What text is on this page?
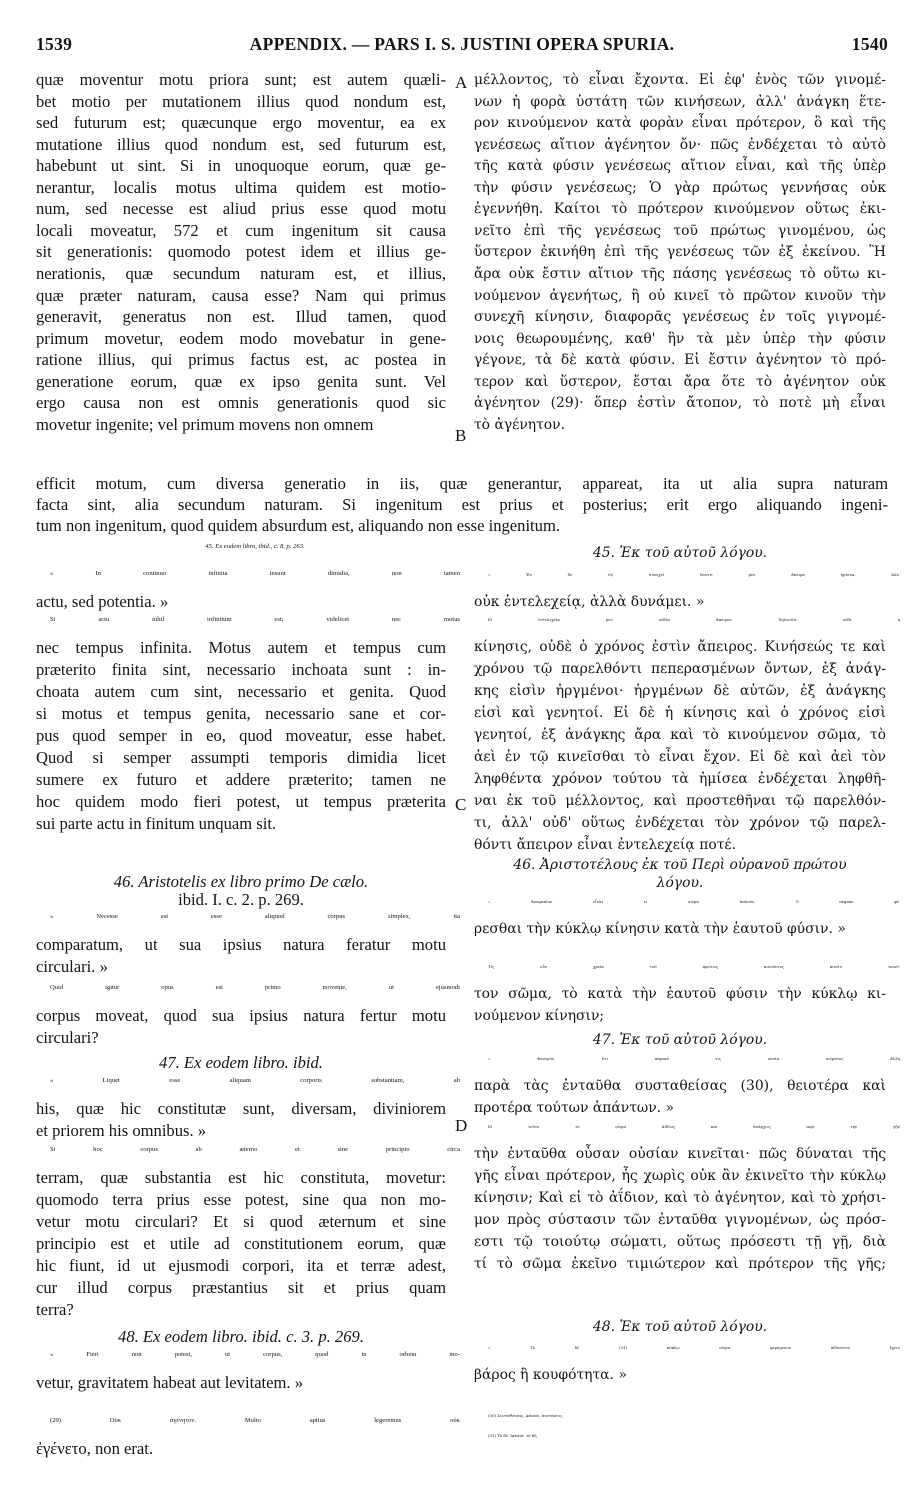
1539	APPENDIX. — PARS I. S. JUSTINI OPERA SPURIA.	1540
quæ moventur motu priora sunt; est autem quæli-
bet motio per mutationem illius quod nondum est,
sed futurum est; quæcunque ergo moventur, ea ex
mutatione illius quod nondum est, sed futurum est,
habebunt ut sint. Si in unoquoque eorum, quæ ge-
nerantur, localis motus ultima quidem est motio-
num, sed necesse est aliud prius esse quod motu
locali moveatur, 572 et cum ingenitum sit causa
sit generationis: quomodo potest idem et illius ge-
nerationis, quæ secundum naturam est, et illius,
quæ præter naturam, causa esse? Nam qui primus
generavit, generatus non est. Illud tamen, quod
primum movetur, eodem modo movebatur in gene-
ratione illius, qui primus factus est, ac postea in
generatione eorum, quæ ex ipso genita sunt. Vel
ergo causa non est omnis generationis quod sic
movetur ingenite; vel primum movens non omnem
μέλλοντος, τὸ εἶναι ἔχοντα. Εἰ ἐφ' ἑνὸς τῶν γινομέ-
νων ἡ φορὰ ὑστάτη τῶν κινήσεων, ἀλλ' ἀνάγκη ἕτε-
ρον κινούμενον κατὰ φορὰν εἶναι πρότερον, ὃ καὶ τῆς
γενέσεως αἴτιον ἀγένητον ὄν· πῶς ἐνδέχεται τὸ αὐτὸ
τῆς κατὰ φύσιν γενέσεως αἴτιον εἶναι, καὶ τῆς ὑπὲρ
τὴν φύσιν γενέσεως; Ὁ γὰρ πρώτως γεννήσας οὐκ
ἐγεννήθη. Καίτοι τὸ πρότερον κινούμενον οὕτως ἐκι-
νεῖτο ἐπὶ τῆς γενέσεως τοῦ πρώτως γινομένου, ὡς
ὕστερον ἐκινήθη ἐπὶ τῆς γενέσεως τῶν ἐξ ἐκείνου. Ἢ
ἄρα οὐκ ἔστιν αἴτιον τῆς πάσης γενέσεως τὸ οὕτω κι-
νούμενον ἀγενήτως, ἢ οὐ κινεῖ τὸ πρῶτον κινοῦν τὴν
συνεχῆ κίνησιν, διαφορᾶς γενέσεως ἐν τοῖς γιγνομέ-
νοις θεωρουμένης, καθ' ἣν τὰ μὲν ὑπὲρ τὴν φύσιν
γέγονε, τὰ δὲ κατὰ φύσιν. Εἰ ἔστιν ἀγένητον τὸ πρό-
τερον καὶ ὕστερον, ἔσται ἄρα ὅτε τὸ ἀγένητον οὐκ
ἀγένητον (29)· ὅπερ ἐστὶν ἄτοπον, τὸ ποτὲ μὴ εἶναι
τὸ ἀγένητον.
efficit motum, cum diversa generatio in iis, quæ generantur, appareat, ita ut alia supra naturam
facta sint, alia secundum naturam. Si ingenitum est prius et posterius; erit ergo aliquando ingeni-
tum non ingenitum, quod quidem absurdum est, aliquando non esse ingenitum.
45. Ex eodem libro, ibid., c. 8, p. 263.
« In continuo infinita insunt dimidia, non tamen
actu, sed potentia. »
Si actu nihil infinitum est; videlicet nec motus
nec tempus infinita. Motus autem et tempus cum
præterito finita sint, necessario inchoata sunt : in-
choata autem cum sint, necessario et genita. Quod
si motus et tempus genita, necessario sane et cor-
pus quod semper in eo, quod moveatur, esse habet.
Quod si semper assumpti temporis dimidia licet
sumere ex futuro et addere præterito; tamen ne
hoc quidem modo fieri potest, ut tempus præterita
sui parte actu in finitum unquam sit.
46. Aristotelis ex libro primo De cælo.
ibid. I. c. 2. p. 269.
« Necesse est esse aliquod corpus simplex, ita
comparatum, ut sua ipsius natura feratur motu
circulari. »
Quid igitur opus est primo movente, ut ejusmodi
corpus moveat, quod sua ipsius natura fertur motu
circulari?
47. Ex eodem libro. ibid.
« Liquet esse aliquam corporis substantiam, ab
his, quæ hic constitutæ sunt, diversam, diviniorem
et priorem his omnibus. »
Si hoc corpus ab æterno et sine principio circa
terram, quæ substantia est hic constituta, movetur:
quomodo terra prius esse potest, sine qua non mo-
vetur motu circulari? Et si quod æternum et sine
principio est et utile ad constitutionem eorum, quæ
hic fiunt, id ut ejusmodi corpori, ita et terræ adest,
cur illud corpus præstantius sit et prius quam
terra?
48. Ex eodem libro. ibid. c. 3. p. 269.
« Fieri non potest, ut corpus, quod in orbem mo-
vetur, gravitatem habeat aut levitatem. »
(29) Οὐκ ἀγένητον. Multo aptius legeremus οὐκ
ἐγένετο, non erat.
45. Ἐκ τοῦ αὐτοῦ λόγου.
« Ἐν δὲ τῷ συνεχεῖ ἔνεστι μὲν ἄπειρα ἡμίσεα, ἀλλ'
οὐκ ἐντελεχείᾳ, ἀλλὰ δυνάμει. »
Εἰ ἐντελεχείᾳ μὲν οὐδὲν ἄπειρον, δηλονότι οὐδὲ ἡ
κίνησις, οὐδὲ ὁ χρόνος ἐστὶν ἄπειρος. Κινήσεώς τε καὶ
χρόνου τῷ παρελθόντι πεπερασμένων ὄντων, ἐξ ἀνάγ-
κης εἰσὶν ἠργμένοι· ἠργμένων δὲ αὐτῶν, ἐξ ἀνάγκης
εἰσὶ καὶ γενητοί. Εἰ δὲ ἡ κίνησις καὶ ὁ χρόνος εἰσὶ
γενητοί, ἐξ ἀνάγκης ἄρα καὶ τὸ κινούμενον σῶμα, τὸ
ἀεὶ ἐν τῷ κινεῖσθαι τὸ εἶναι ἔχον. Εἰ δὲ καὶ ἀεὶ τὸν
ληφθέντα χρόνον τούτου τὰ ἡμίσεα ἐνδέχεται ληφθῆ-
ναι ἐκ τοῦ μέλλοντος, καὶ προστεθῆναι τῷ παρελθόν-
τι, ἀλλ' οὐδ' οὕτως ἐνδέχεται τὸν χρόνον τῷ παρελ-
θόντι ἄπειρον εἶναι ἐντελεχείᾳ ποτέ.
46. Ἀριστοτέλους ἐκ τοῦ Περὶ οὐρανοῦ πρώτου
λόγου.
« Ἀναγκαῖον εἶναί τι σῶμα ἁπλοῦν, ὃ πέφυκε φέ-
ρεσθαι τὴν κύκλῳ κίνησιν κατὰ τὴν ἑαυτοῦ φύσιν. »
Τίς οὖν χρεία τοῦ πρώτως κινοῦντος κινεῖν τοιοῦ-
τον σῶμα, τὸ κατὰ τὴν ἑαυτοῦ φύσιν τὴν κύκλῳ κι-
νούμενον κίνησιν;
47. Ἐκ τοῦ αὐτοῦ λόγου.
« Φανερὸν, ὅτι πέφυκέ τις οὐσία σώματος ἄλλη
παρὰ τὰς ἐνταῦθα συσταθείσας (30), θειοτέρα καὶ
προτέρα τούτων ἁπάντων. »
Εἰ τοῦτο τὸ σῶμα ἀϊδίως καὶ ἀνάρχως περὶ τὴν γῆν
τὴν ἐνταῦθα οὖσαν οὐσίαν κινεῖται· πῶς δύναται τῆς
γῆς εἶναι πρότερον, ἧς χωρὶς οὐκ ἂν ἐκινεῖτο τὴν κύκλῳ
κίνησιν; Καὶ εἰ τὸ ἀΐδιον, καὶ τὸ ἀγένητον, καὶ τὸ χρήσι-
μον πρὸς σύστασιν τῶν ἐνταῦθα γιγνομένων, ὡς πρόσ-
εστι τῷ τοιούτῳ σώματι, οὕτως πρόσεστι τῇ γῇ, διὰ
τί τὸ σῶμα ἐκεῖνο τιμιώτερον καὶ πρότερον τῆς γῆς;
48. Ἐκ τοῦ αὐτοῦ λόγου.
« Τὸ δὲ (31) κύκλῳ σῶμα φερόμενον ἀδύνατον ἔχειν
βάρος ἢ κουφότητα. »
(30) Συσταθείσας. Aristot. συστάσεις.
(31) Τὸ δέ. Aristot. τὸ δή.
A
B
C
D
